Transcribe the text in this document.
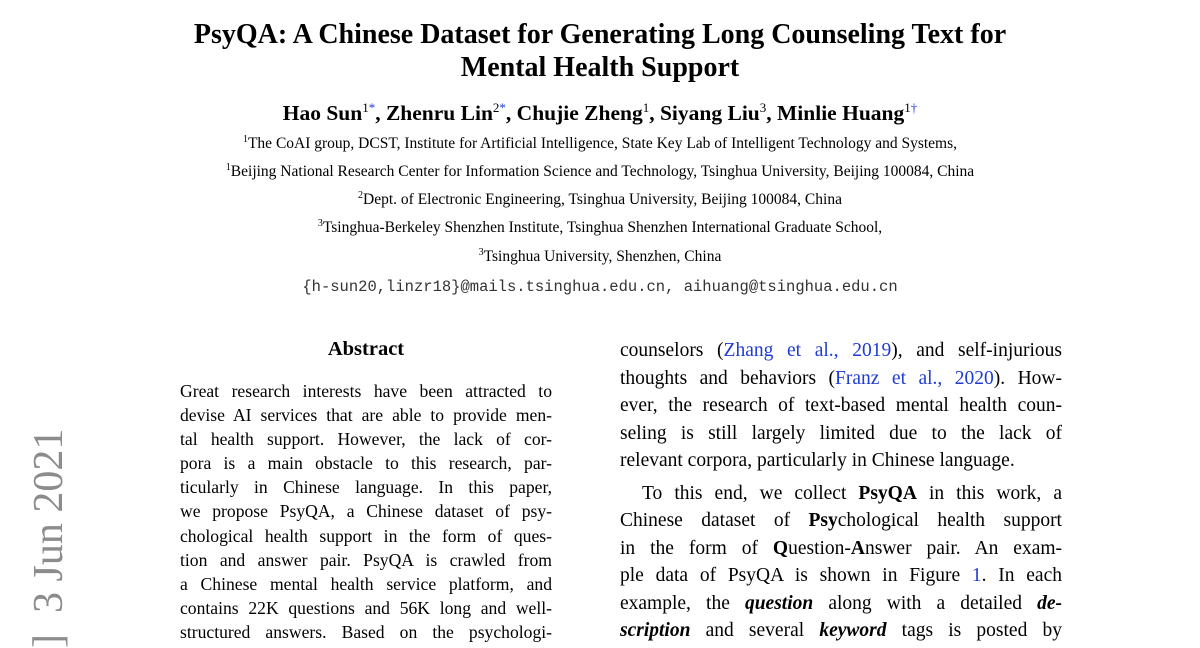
PsyQA: A Chinese Dataset for Generating Long Counseling Text for
Mental Health Support
Hao Sun$^{1*}$, Zhenru Lin$^{2*}$, Chujie Zheng$^1$, Siyang Liu$^3$, Minlie Huang$^{1\dagger}$
$^1$The CoAI group, DCST, Institute for Artificial Intelligence, State Key Lab of Intelligent Technology and Systems,
$^1$Beijing National Research Center for Information Science and Technology, Tsinghua University, Beijing 100084, China
$^2$Dept. of Electronic Engineering, Tsinghua University, Beijing 100084, China
$^3$Tsinghua-Berkeley Shenzhen Institute, Tsinghua Shenzhen International Graduate School,
$^3$Tsinghua University, Shenzhen, China
{h-sun20,linzr18}@mails.tsinghua.edu.cn, aihuang@tsinghua.edu.cn
Abstract
Great research interests have been attracted to
devise AI services that are able to provide men-
tal health support. However, the lack of cor-
pora is a main obstacle to this research, par-
ticularly in Chinese language. In this paper,
we propose PsyQA, a Chinese dataset of psy-
chological health support in the form of ques-
tion and answer pair. PsyQA is crawled from
a Chinese mental health service platform, and
contains 22K questions and 56K long and well-
structured answers. Based on the psychologi-
counselors (Zhang et al., 2019), and self-injurious
thoughts and behaviors (Franz et al., 2020). How-
ever, the research of text-based mental health coun-
seling is still largely limited due to the lack of
relevant corpora, particularly in Chinese language.
To this end, we collect PsyQA in this work, a
Chinese dataset of Psychological health support
in the form of Question-Answer pair. An exam-
ple data of PsyQA is shown in Figure 1. In each
example, the question along with a detailed de-
scription and several keyword tags is posted by
]  3 Jun 2021
